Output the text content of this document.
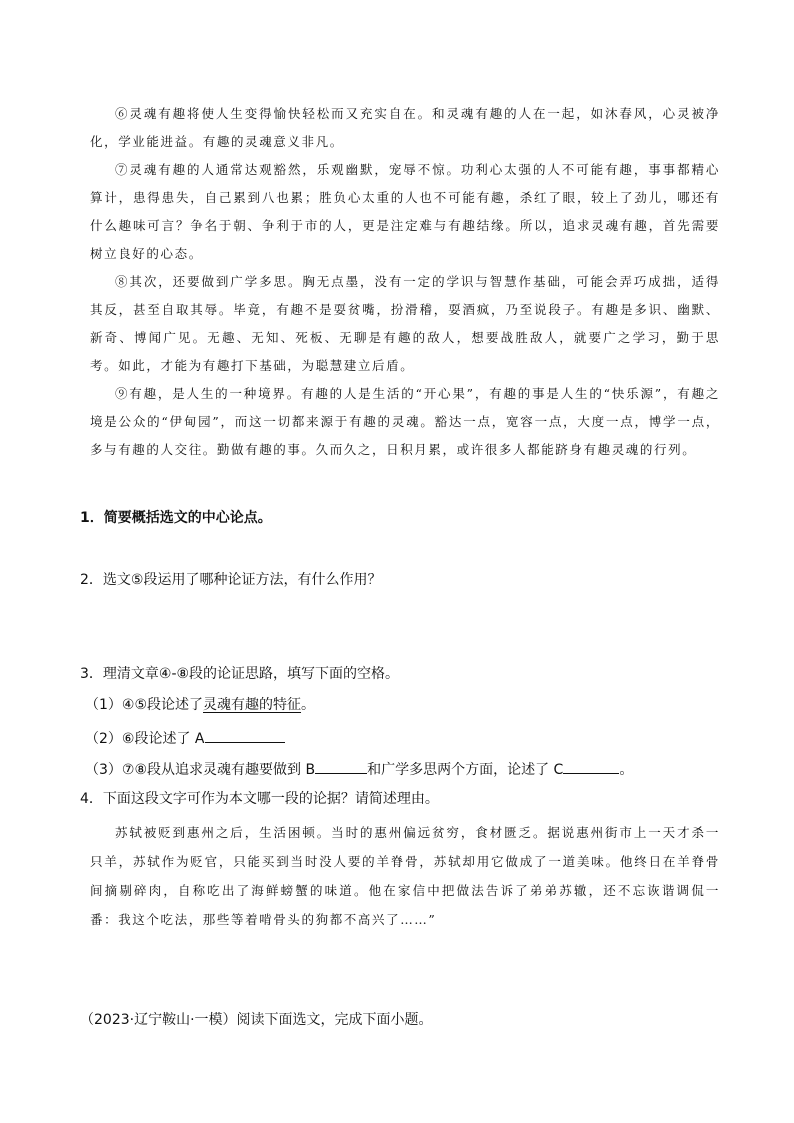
⑥灵魂有趣将使人生变得愉快轻松而又充实自在。和灵魂有趣的人在一起，如沐春风，心灵被净化，学业能进益。有趣的灵魂意义非凡。

⑦灵魂有趣的人通常达观豁然，乐观幽默，宠辱不惊。功利心太强的人不可能有趣，事事都精心算计，患得患失，自己累到八也累；胜负心太重的人也不可能有趣，杀红了眼，较上了劲儿，哪还有什么趣味可言？争名于朝、争利于市的人，更是注定难与有趣结缘。所以，追求灵魂有趣，首先需要树立良好的心态。

⑧其次，还要做到广学多思。胸无点墨，没有一定的学识与智慧作基础，可能会弄巧成拙，适得其反，甚至自取其辱。毕竟，有趣不是耍贫嘴，扮滑稽，耍酒疯，乃至说段子。有趣是多识、幽默、新奇、博闻广见。无趣、无知、死板、无聊是有趣的敌人，想要战胜敌人，就要广之学习，勤于思考。如此，才能为有趣打下基础，为聪慧建立后盾。

⑨有趣，是人生的一种境界。有趣的人是生活的“开心果”，有趣的事是人生的“快乐源”，有趣之境是公众的“伊甸园”，而这一切都来源于有趣的灵魂。豁达一点，宽容一点，大度一点，博学一点，多与有趣的人交往。勤做有趣的事。久而久之，日积月累，或许很多人都能跻身有趣灵魂的行列。

1．简要概括选文的中心论点。
2．选文⑤段运用了哪种论证方法，有什么作用？
3．理清文章④-⑧段的论证思路，填写下面的空格。
（1）④⑤段论述了灵魂有趣的特征。
（2）⑥段论述了 A
（3）⑦⑧段从追求灵魂有趣要做到 B	和广学多思两个方面，论述了 C	。
4．下面这段文字可作为本文哪一段的论据？请简述理由。

苏轼被贬到惠州之后，生活困顿。当时的惠州偏远贫穷，食材匮乏。据说惠州街市上一天才杀一只羊，苏轼作为贬官，只能买到当时没人要的羊脊骨，苏轼却用它做成了一道美味。他终日在羊脊骨间摘剔碎肉，自称吃出了海鲜螃蟹的味道。他在家信中把做法告诉了弟弟苏辙，还不忘诙谐调侃一番：我这个吃法，那些等着啃骨头的狗都不高兴了……”

（2023·辽宁鞍山·一模）阅读下面选文，完成下面小题。
